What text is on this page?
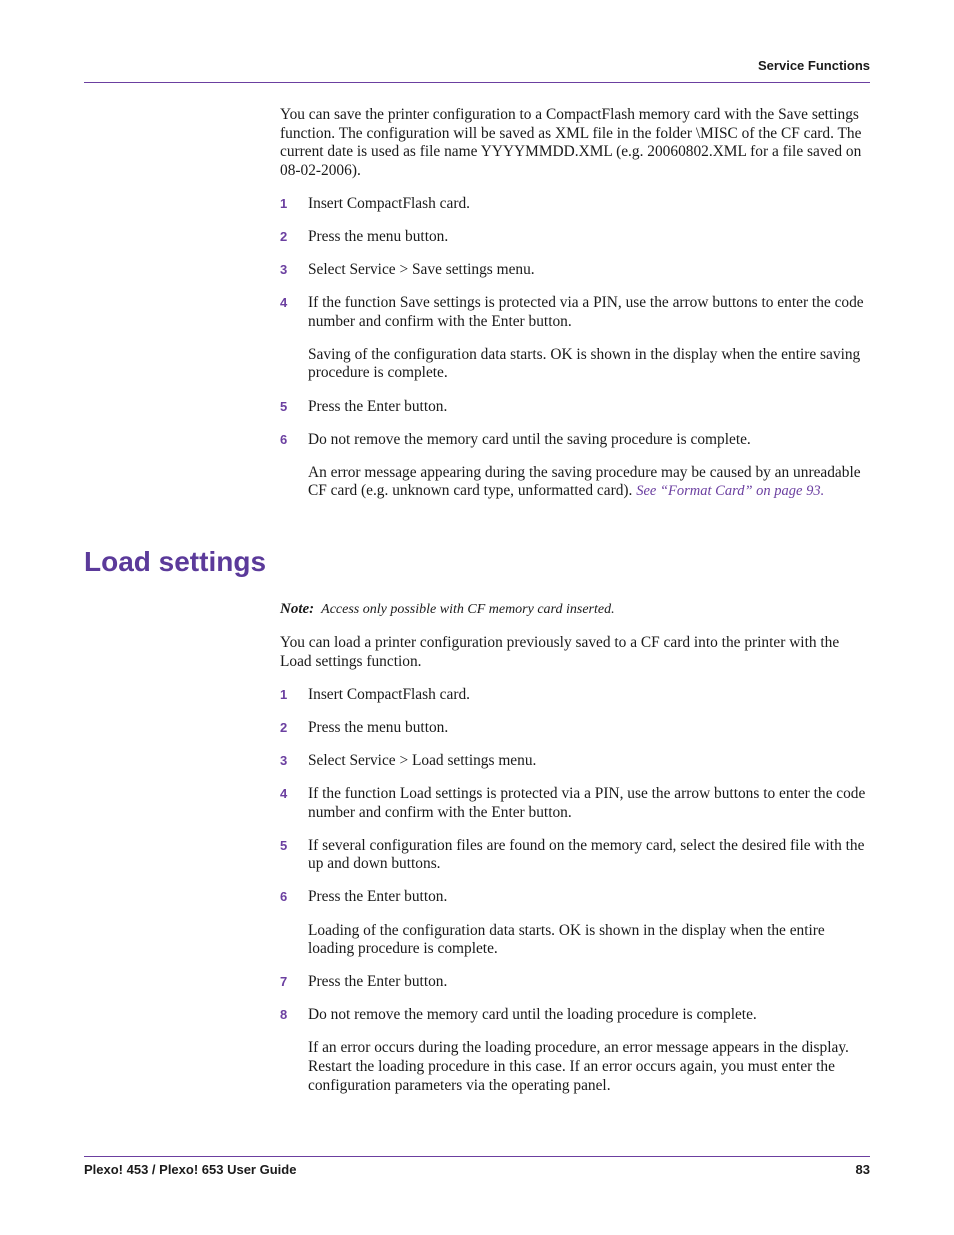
Service Functions

You can save the printer configuration to a CompactFlash memory card with the Save settings function. The configuration will be saved as XML file in the folder \MISC of the CF card. The current date is used as file name YYYYMMDD.XML (e.g. 20060802.XML for a file saved on 08-02-2006).

1 Insert CompactFlash card.

2 Press the menu button.

3 Select Service > Save settings menu.

4 If the function Save settings is protected via a PIN, use the arrow buttons to enter the code number and confirm with the Enter button.

Saving of the configuration data starts. OK is shown in the display when the entire saving procedure is complete.

5 Press the Enter button.

6 Do not remove the memory card until the saving procedure is complete.

An error message appearing during the saving procedure may be caused by an unreadable CF card (e.g. unknown card type, unformatted card). See “Format Card” on page 93.

Load settings

Note: Access only possible with CF memory card inserted.

You can load a printer configuration previously saved to a CF card into the printer with the Load settings function.

1 Insert CompactFlash card.

2 Press the menu button.

3 Select Service > Load settings menu.

4 If the function Load settings is protected via a PIN, use the arrow buttons to enter the code number and confirm with the Enter button.

5 If several configuration files are found on the memory card, select the desired file with the up and down buttons.

6 Press the Enter button.

Loading of the configuration data starts. OK is shown in the display when the entire loading procedure is complete.

7 Press the Enter button.

8 Do not remove the memory card until the loading procedure is complete.

If an error occurs during the loading procedure, an error message appears in the display. Restart the loading procedure in this case. If an error occurs again, you must enter the configuration parameters via the operating panel.

Plexo! 453 / Plexo! 653 User Guide	83
